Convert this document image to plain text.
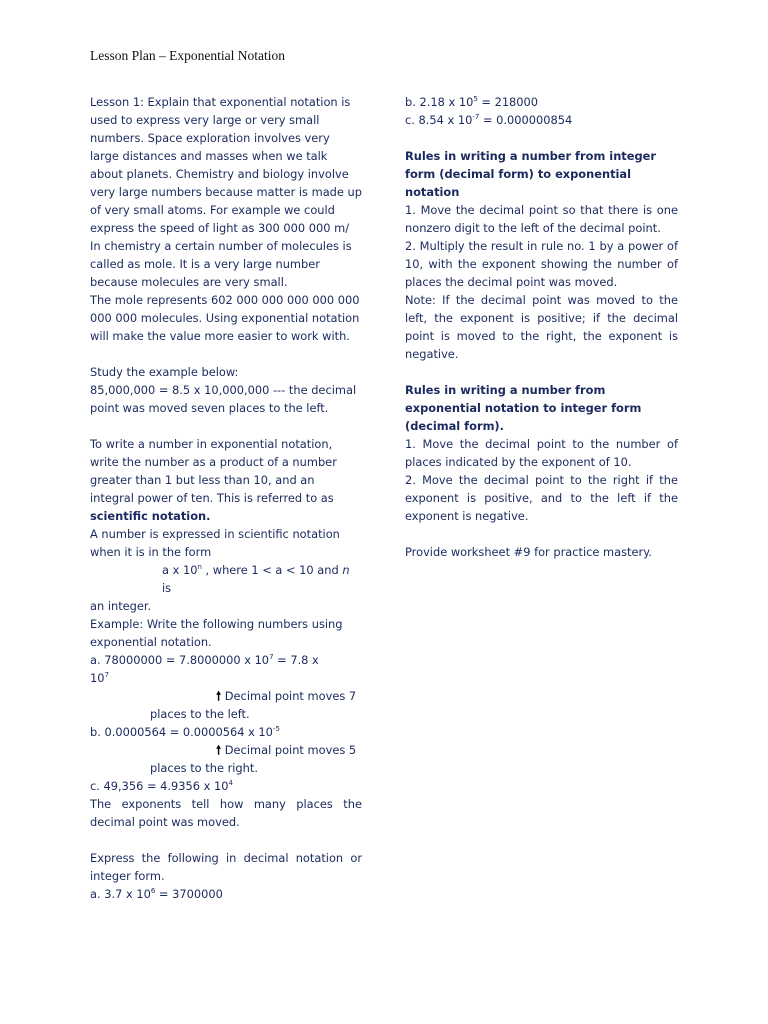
Lesson Plan – Exponential Notation

Lesson 1: Explain that exponential notation is used to express very large or very small numbers. Space exploration involves very large distances and masses when we talk about planets. Chemistry and biology involve very large numbers because matter is made up of very small atoms. For example we could express the speed of light as 300 000 000 m/ In chemistry a certain number of molecules is called as mole. It is a very large number because molecules are very small.

The mole represents 602 000 000 000 000 000 000 000 molecules. Using exponential notation will make the value more easier to work with.

Study the example below:

85,000,000 = 8.5 x 10,000,000 --- the decimal point was moved seven places to the left.

To write a number in exponential notation, write the number as a product of a number greater than 1 but less than 10, and an integral power of ten. This is referred to as scientific notation.

A number is expressed in scientific notation when it is in the form

a x 10$^n$ , where 1 < a < 10 and n is

an integer.

Example: Write the following numbers using exponential notation.

a. 78000000 = 7.8000000 x $10^7 = 7.8$ x

$10^7$

🠕 Decimal point moves 7

places to the left.

b. 0.0000564 = 0.0000564 x $10^{-5}$

🠕 Decimal point moves 5

places to the right.

c. 49,356 = 4.9356 x $10^4$

The exponents tell how many places the decimal point was moved.

Express the following in decimal notation or integer form.

a. 3.7 x $10^6 = 3700000$

b. 2.18 x $10^5 = 218000$

c. 8.54 x $10^{-7} = 0.000000854$

Rules in writing a number from integer form (decimal form) to exponential notation

1. Move the decimal point so that there is one nonzero digit to the left of the decimal point.

2. Multiply the result in rule no. 1 by a power of 10, with the exponent showing the number of places the decimal point was moved.

Note: If the decimal point was moved to the left, the exponent is positive; if the decimal point is moved to the right, the exponent is negative.

Rules in writing a number from exponential notation to integer form (decimal form).

1. Move the decimal point to the number of places indicated by the exponent of 10.

2. Move the decimal point to the right if the exponent is positive, and to the left if the exponent is negative.

Provide worksheet #9 for practice mastery.
